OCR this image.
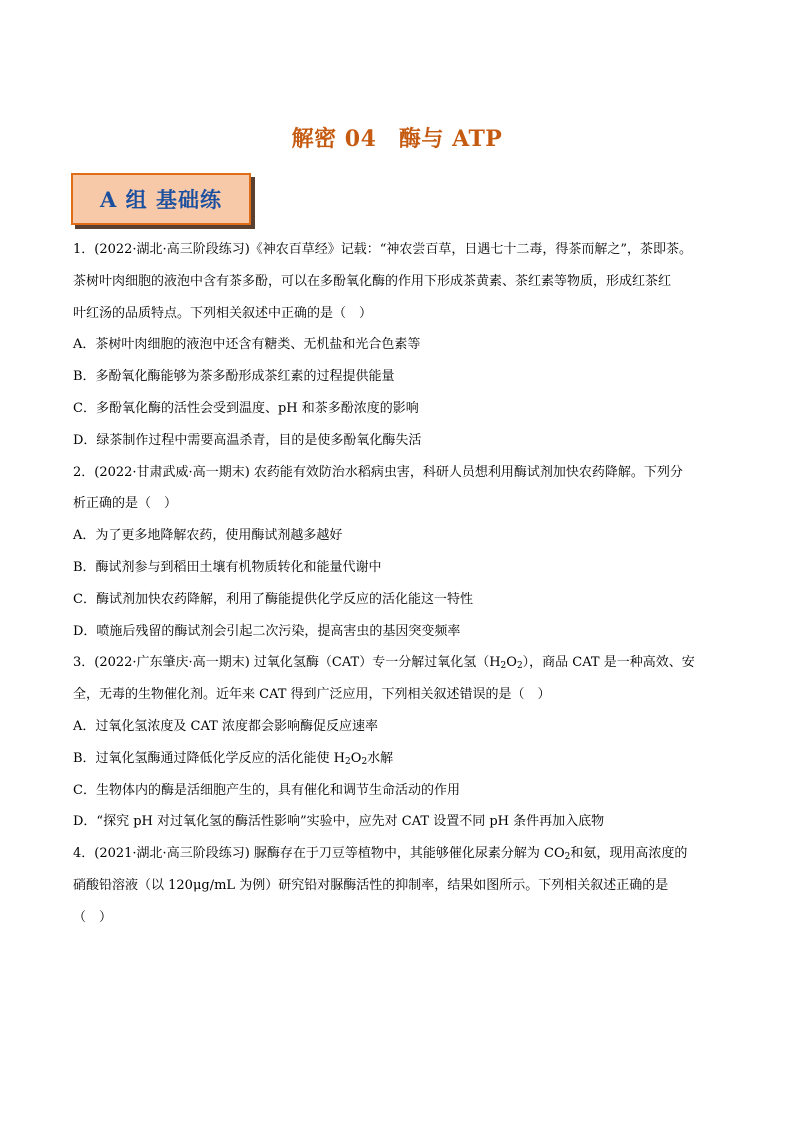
解密 04　酶与 ATP
A 组 基础练
1．(2022·湖北·高三阶段练习)《神农百草经》记载：“神农尝百草，日遇七十二毒，得茶而解之”，茶即茶。
茶树叶肉细胞的液泡中含有茶多酚，可以在多酚氧化酶的作用下形成茶黄素、茶红素等物质，形成红茶红
叶红汤的品质特点。下列相关叙述中正确的是（　）
A．茶树叶肉细胞的液泡中还含有糖类、无机盐和光合色素等
B．多酚氧化酶能够为茶多酚形成茶红素的过程提供能量
C．多酚氧化酶的活性会受到温度、pH 和茶多酚浓度的影响
D．绿茶制作过程中需要高温杀青，目的是使多酚氧化酶失活
2．(2022·甘肃武威·高一期末) 农药能有效防治水稻病虫害，科研人员想利用酶试剂加快农药降解。下列分
析正确的是（　）
A．为了更多地降解农药，使用酶试剂越多越好
B．酶试剂参与到稻田土壤有机物质转化和能量代谢中
C．酶试剂加快农药降解，利用了酶能提供化学反应的活化能这一特性
D．喷施后残留的酶试剂会引起二次污染，提高害虫的基因突变频率
3．(2022·广东肇庆·高一期末) 过氧化氢酶（CAT）专一分解过氧化氢$(H_2O_2)$，商品 CAT 是一种高效、安
全，无毒的生物催化剂。近年来 CAT 得到广泛应用，下列相关叙述错误的是（　）
A．过氧化氢浓度及 CAT 浓度都会影响酶促反应速率
B．过氧化氢酶通过降低化学反应的活化能使 $H_2O_2$水解
C．生物体内的酶是活细胞产生的，具有催化和调节生命活动的作用
D．“探究 pH 对过氧化氢的酶活性影响”实验中，应先对 CAT 设置不同 pH 条件再加入底物
4．(2021·湖北·高三阶段练习) 脲酶存在于刀豆等植物中，其能够催化尿素分解为 $CO_2$和氨，现用高浓度的
硝酸铅溶液（以 120μg/mL 为例）研究铅对脲酶活性的抑制率，结果如图所示。下列相关叙述正确的是
（　）
